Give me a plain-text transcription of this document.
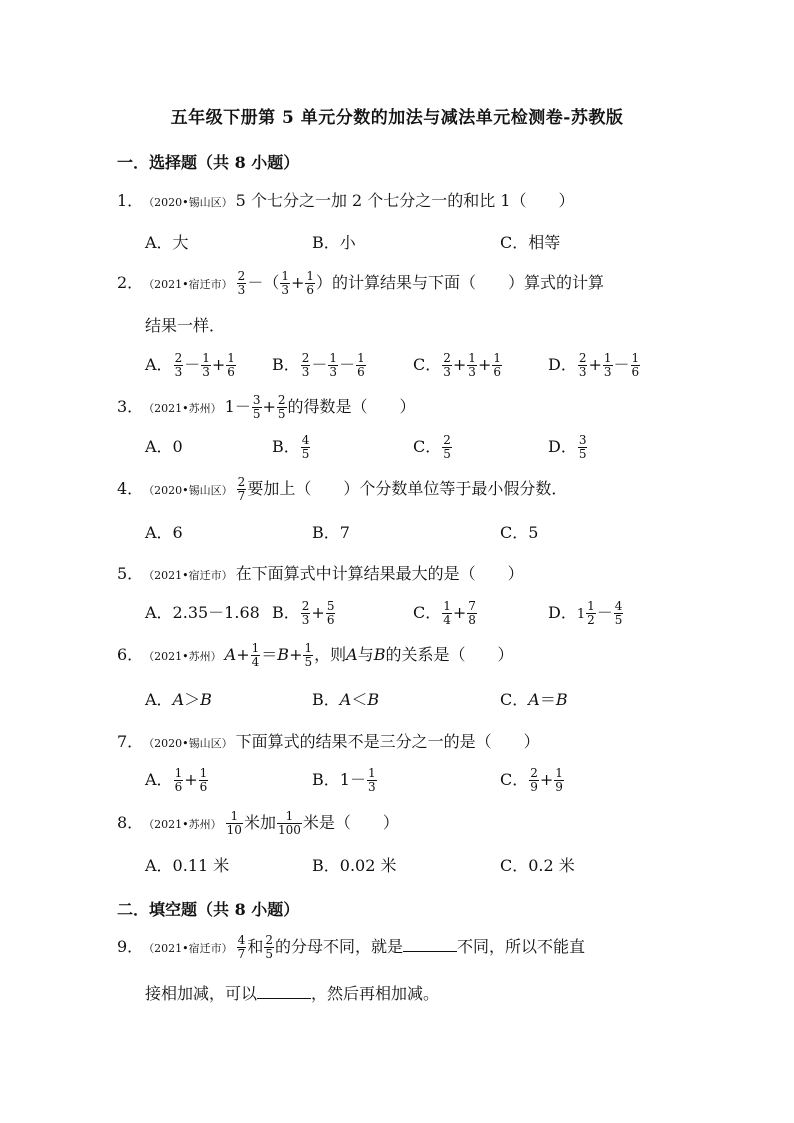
五年级下册第 5 单元分数的加法与减法单元检测卷-苏教版
一．选择题（共 8 小题）
1．（2020•锡山区） 5 个七分之一加 2 个七分之一的和比 1（　　）
A．大	B．小	C．相等
2．（2021•宿迁市） $\frac{2}{3}$ －（ $\frac{1}{3} + \frac{1}{6}$ ）的计算结果与下面（　　）算式的计算
结果一样．
A． $\frac{2}{3} - \frac{1}{3} + \frac{1}{6}$ B． $\frac{2}{3} - \frac{1}{3} - \frac{1}{6}$	C． $\frac{2}{3} + \frac{1}{3} + \frac{1}{6}$	D． $\frac{2}{3} + \frac{1}{3} - \frac{1}{6}$
3．（2021•苏州） $1- \frac{3}{5} + \frac{2}{5}$ 的得数是（　　）
A．0	B． $\frac{4}{5}$	C． $\frac{2}{5}$	D． $\frac{3}{5}$
4．（2020•锡山区） $\frac{2}{7}$ 要加上（　　）个分数单位等于最小假分数．
A．6	B．7	C．5
5．（2021•宿迁市） 在下面算式中计算结果最大的是（　　）
A．2.35－1.68 B． $\frac{2}{3} + \frac{5}{6}$	C． $\frac{1}{4} + \frac{7}{8}$	D．$1 \frac{1}{2} - \frac{4}{5}$
6．（2021•苏州） $A+ \frac{1}{4} =B+ \frac{1}{5}$ ，则A与B的关系是（　　）
A．A＞B	B．A＜B	C．A＝B
7．（2020•锡山区） 下面算式的结果不是三分之一的是（　　）
A． $\frac{1}{6} + \frac{1}{6}$	B．$1- \frac{1}{3}$	C． $\frac{2}{9} + \frac{1}{9}$
8．（2021•苏州） $\frac{1}{10}$ 米加 $\frac{1}{100}$ 米是（　　）
A．0.11 米	B．0.02 米	C．0.2 米
二．填空题（共 8 小题）
9．（2021•宿迁市） $\frac{4}{7}$ 和 $\frac{2}{5}$ 的分母不同，就是	不同，所以不能直
接相加减，可以	，然后再相加减。
